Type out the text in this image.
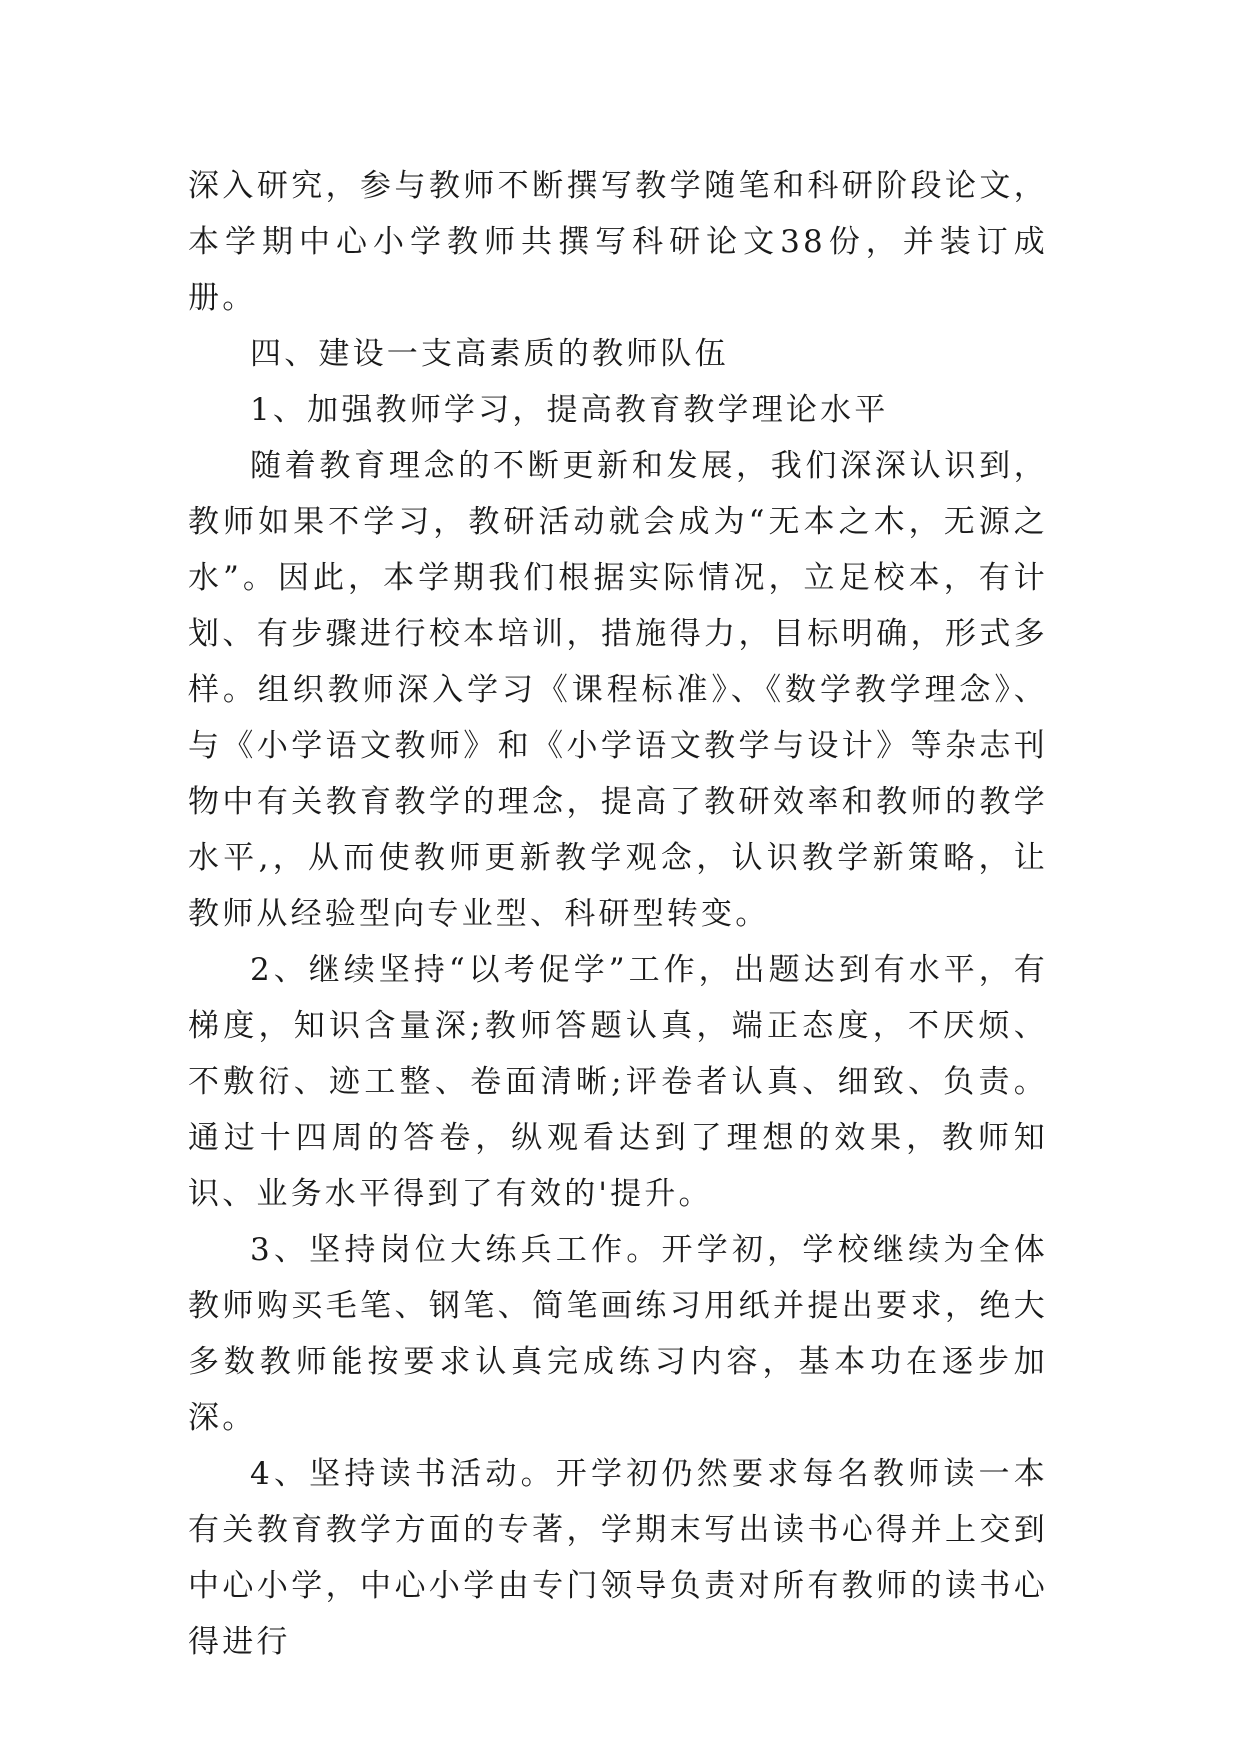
深入研究，参与教师不断撰写教学随笔和科研阶段论文，本学期中心小学教师共撰写科研论文38份，并装订成册。

四、建设一支高素质的教师队伍

1、加强教师学习，提高教育教学理论水平

随着教育理念的不断更新和发展，我们深深认识到，教师如果不学习，教研活动就会成为“无本之木，无源之水”。因此，本学期我们根据实际情况，立足校本，有计划、有步骤进行校本培训，措施得力，目标明确，形式多样。组织教师深入学习《课程标准》、《数学教学理念》、与《小学语文教师》和《小学语文教学与设计》等杂志刊物中有关教育教学的理念，提高了教研效率和教师的教学水平,，从而使教师更新教学观念，认识教学新策略，让教师从经验型向专业型、科研型转变。

2、继续坚持“以考促学”工作，出题达到有水平，有梯度，知识含量深;教师答题认真，端正态度，不厌烦、不敷衍、迹工整、卷面清晰;评卷者认真、细致、负责。通过十四周的答卷，纵观看达到了理想的效果，教师知识、业务水平得到了有效的'提升。

3、坚持岗位大练兵工作。开学初，学校继续为全体教师购买毛笔、钢笔、简笔画练习用纸并提出要求，绝大多数教师能按要求认真完成练习内容，基本功在逐步加深。

4、坚持读书活动。开学初仍然要求每名教师读一本有关教育教学方面的专著，学期末写出读书心得并上交到中心小学，中心小学由专门领导负责对所有教师的读书心得进行
